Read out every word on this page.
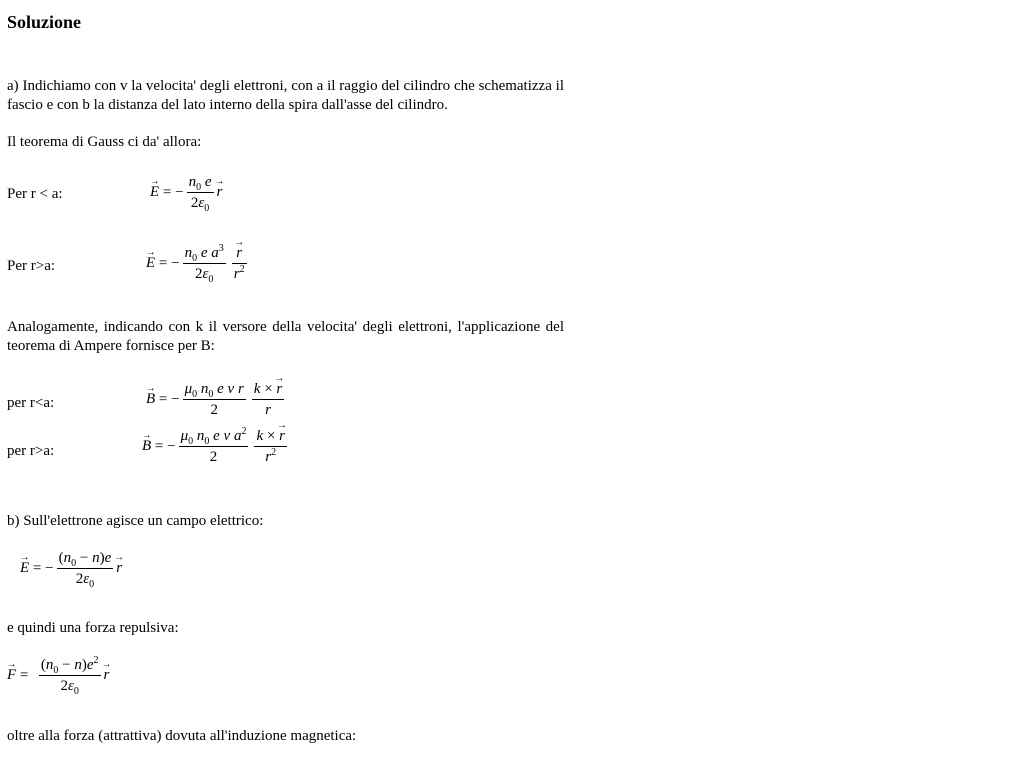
Soluzione
a) Indichiamo con v la velocita' degli elettroni, con a il raggio del cilindro che schematizza il fascio e con b la distanza del lato interno della spira dall'asse del cilindro.
Il teorema di Gauss ci da' allora:
Per r < a:
→	E = − $\frac{n_0 e}{2\varepsilon_0}$
→ r
Per r>a:
→	E = − $\frac{n_0 e a^3}{2\varepsilon_0}$
→ $\frac{r}{r^2}$
Analogamente, indicando con k il versore della velocita' degli elettroni, l'applicazione del teorema di Ampere fornisce per B:
per r<a:
→	B = − $\frac{\mu_0 n_0 e v r}{2} \frac{k \times \to r}{r}$
per r>a:
→	B = − $\frac{\mu_0 n_0 e v a^2}{2} \frac{k \times \to r}{r^2}$
b) Sull'elettrone agisce un campo elettrico:
→ E = − $\frac{(n_0 - n)e}{2\varepsilon_0}$
→ r
e quindi una forza repulsiva:
→ $F = \frac{(n_0 - n)e^2}{2\varepsilon_0}$
→ r
oltre alla forza (attrattiva) dovuta all'induzione magnetica:
